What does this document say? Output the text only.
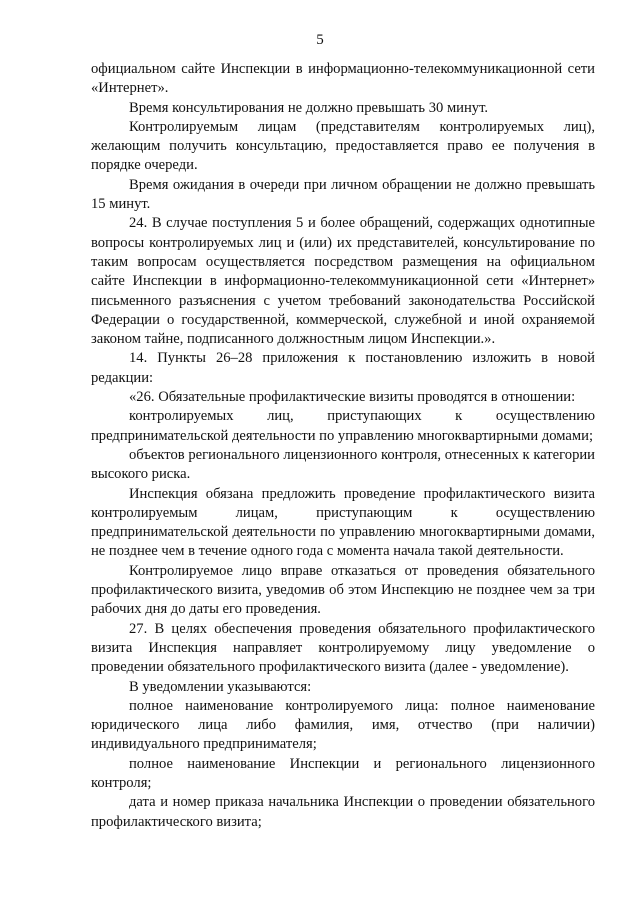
5

официальном сайте Инспекции в информационно-телекоммуникационной сети «Интернет».

Время консультирования не должно превышать 30 минут.

Контролируемым лицам (представителям контролируемых лиц), желающим получить консультацию, предоставляется право ее получения в порядке очереди.

Время ожидания в очереди при личном обращении не должно превышать 15 минут.

24. В случае поступления 5 и более обращений, содержащих однотипные вопросы контролируемых лиц и (или) их представителей, консультирование по таким вопросам осуществляется посредством размещения на официальном сайте Инспекции в информационно-телекоммуникационной сети «Интернет» письменного разъяснения с учетом требований законодательства Российской Федерации о государственной, коммерческой, служебной и иной охраняемой законом тайне, подписанного должностным лицом Инспекции.».

14. Пункты 26–28 приложения к постановлению изложить в новой редакции:

«26. Обязательные профилактические визиты проводятся в отношении:

контролируемых лиц, приступающих к осуществлению предпринимательской деятельности по управлению многоквартирными домами;

объектов регионального лицензионного контроля, отнесенных к категории высокого риска.

Инспекция обязана предложить проведение профилактического визита контролируемым лицам, приступающим к осуществлению предпринимательской деятельности по управлению многоквартирными домами, не позднее чем в течение одного года с момента начала такой деятельности.

Контролируемое лицо вправе отказаться от проведения обязательного профилактического визита, уведомив об этом Инспекцию не позднее чем за три рабочих дня до даты его проведения.

27. В целях обеспечения проведения обязательного профилактического визита Инспекция направляет контролируемому лицу уведомление о проведении обязательного профилактического визита (далее - уведомление).

В уведомлении указываются:

полное наименование контролируемого лица: полное наименование юридического лица либо фамилия, имя, отчество (при наличии) индивидуального предпринимателя;

полное наименование Инспекции и регионального лицензионного контроля;

дата и номер приказа начальника Инспекции о проведении обязательного профилактического визита;
